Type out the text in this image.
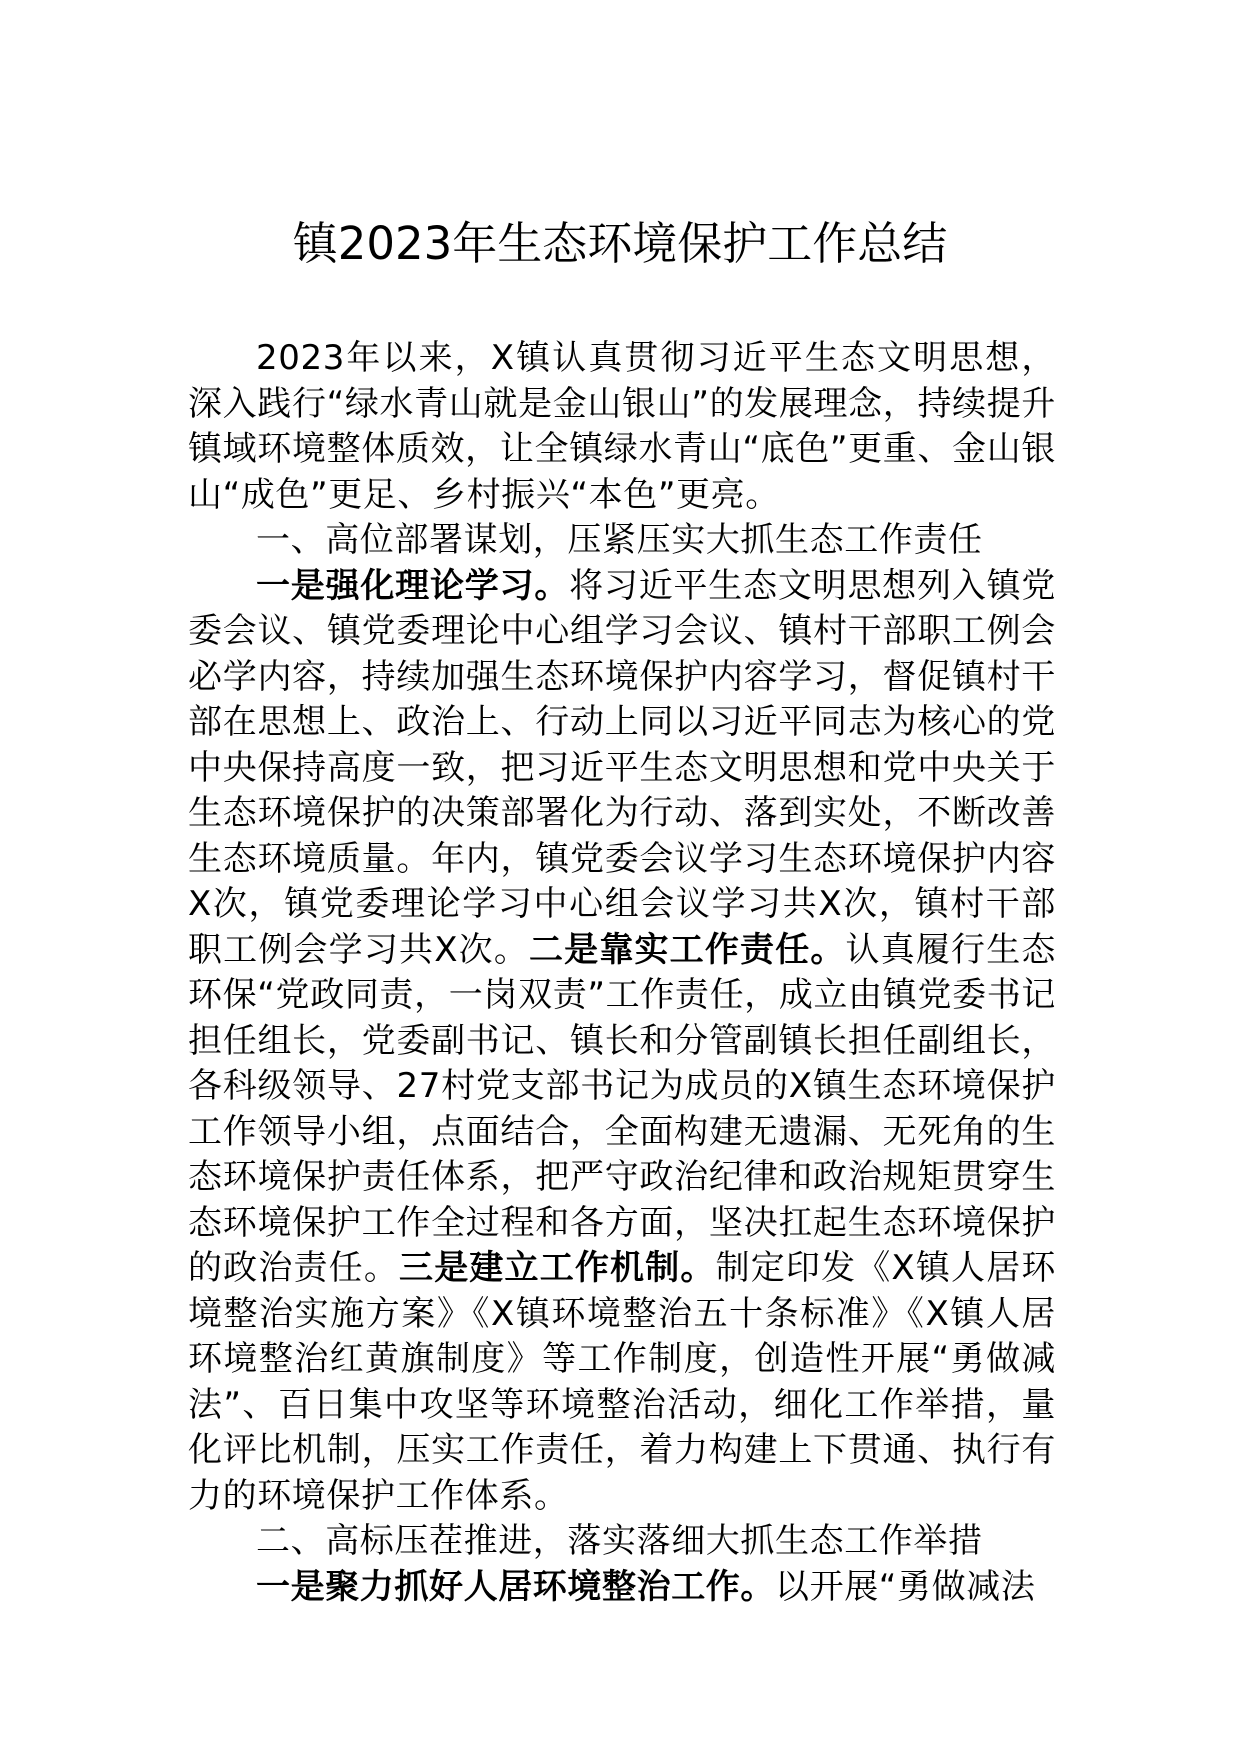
镇2023年生态环境保护工作总结

2023年以来，X镇认真贯彻习近平生态文明思想，深入践行“绿水青山就是金山银山”的发展理念，持续提升镇域环境整体质效，让全镇绿水青山“底色”更重、金山银山“成色”更足、乡村振兴“本色”更亮。

一、高位部署谋划，压紧压实大抓生态工作责任

一是强化理论学习。将习近平生态文明思想列入镇党委会议、镇党委理论中心组学习会议、镇村干部职工例会必学内容，持续加强生态环境保护内容学习，督促镇村干部在思想上、政治上、行动上同以习近平同志为核心的党中央保持高度一致，把习近平生态文明思想和党中央关于生态环境保护的决策部署化为行动、落到实处，不断改善生态环境质量。年内，镇党委会议学习生态环境保护内容X次，镇党委理论学习中心组会议学习共X次，镇村干部职工例会学习共X次。二是靠实工作责任。认真履行生态环保“党政同责，一岗双责”工作责任，成立由镇党委书记担任组长，党委副书记、镇长和分管副镇长担任副组长，各科级领导、27村党支部书记为成员的X镇生态环境保护工作领导小组，点面结合，全面构建无遗漏、无死角的生态环境保护责任体系，把严守政治纪律和政治规矩贯穿生态环境保护工作全过程和各方面，坚决扛起生态环境保护的政治责任。三是建立工作机制。制定印发《X镇人居环境整治实施方案》《X镇环境整治五十条标准》《X镇人居环境整治红黄旗制度》等工作制度，创造性开展“勇做减法”、百日集中攻坚等环境整治活动，细化工作举措，量化评比机制，压实工作责任，着力构建上下贯通、执行有力的环境保护工作体系。

二、高标压茬推进，落实落细大抓生态工作举措

一是聚力抓好人居环境整治工作。以开展“勇做减法
